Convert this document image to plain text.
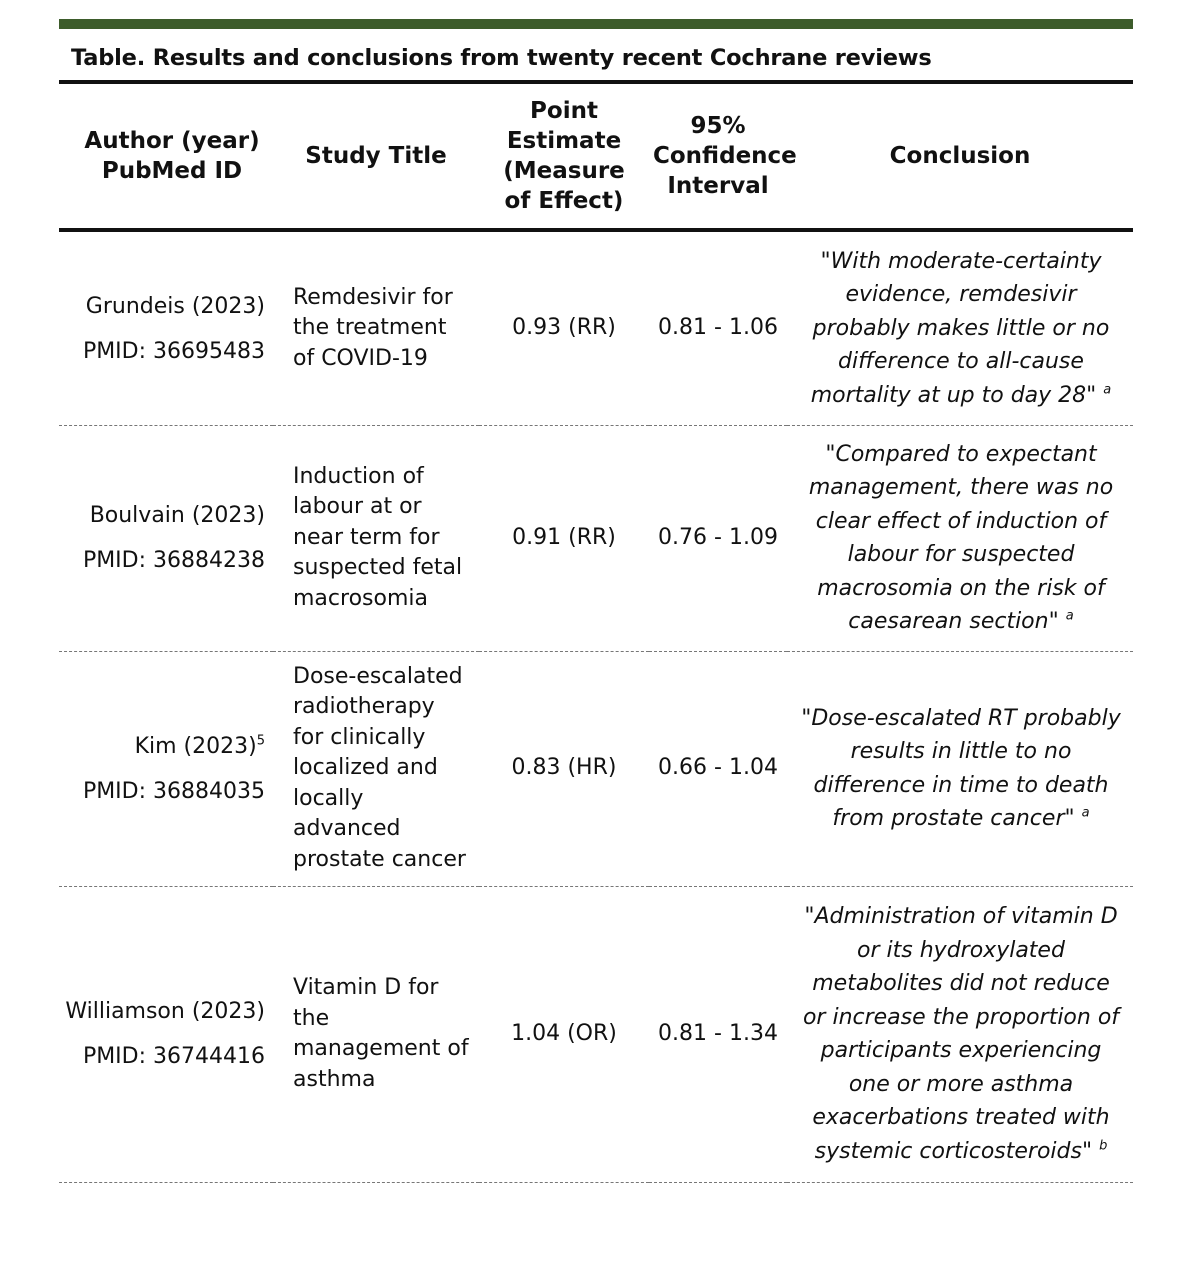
Table. Results and conclusions from twenty recent Cochrane reviews
Author (year) PubMed ID	Study Title	Point Estimate (Measure of Effect)	95% Confidence Interval	Conclusion

Grundeis (2023)
PMID: 36695483	Remdesivir for the treatment of COVID-19	0.93 (RR)	0.81 - 1.06	"With moderate-certainty evidence, remdesivir probably makes little or no difference to all-cause mortality at up to day 28" $^a$

Boulvain (2023)
PMID: 36884238	Induction of labour at or near term for suspected fetal macrosomia	0.91 (RR)	0.76 - 1.09	"Compared to expectant management, there was no clear effect of induction of labour for suspected macrosomia on the risk of caesarean section" $^a$

Kim $(2023)^5$
PMID: 36884035	Dose-escalated radiotherapy for clinically localized and locally advanced prostate cancer	0.83 (HR)	0.66 - 1.04	"Dose-escalated RT probably results in little to no difference in time to death from prostate cancer" $^a$

Williamson (2023)
PMID: 36744416	Vitamin D for the management of asthma	1.04 (OR)	0.81 - 1.34	"Administration of vitamin D or its hydroxylated metabolites did not reduce or increase the proportion of participants experiencing one or more asthma exacerbations treated with systemic corticosteroids" $^b$
